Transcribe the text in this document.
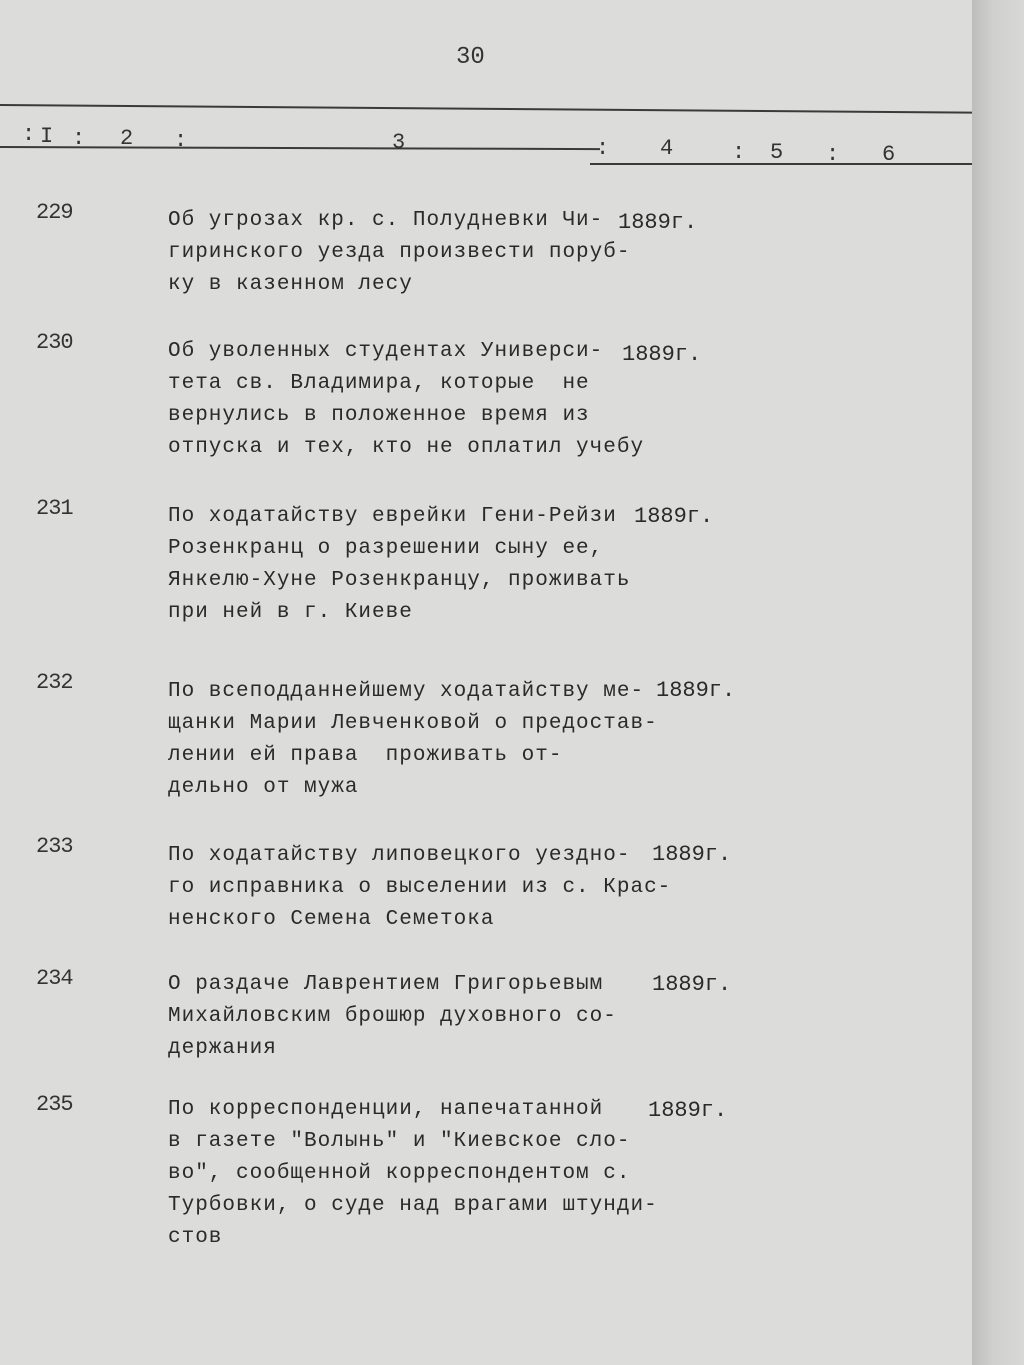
30
: I : 2 :	3	: 4	: 5 : 6
229	Об угрозах кр. с. Полудневки Чи-
гиринского уезда произвести поруб-
ку в казенном лесу
1889г.
230	Об уволенных студентах Универси-
тета св. Владимира, которые  не
вернулись в положенное время из
отпуска и тех, кто не оплатил учебу
1889г.
231	По ходатайству еврейки Гени-Рейзи
Розенкранц о разрешении сыну ее,
Янкелю-Хуне Розенкранцу, проживать
при ней в г. Киеве
1889г.
232	По всеподданнейшему ходатайству ме-
щанки Марии Левченковой о предостав-
лении ей права  проживать от-
дельно от мужа
1889г.
233	По ходатайству липовецкого уездно-
го исправника о выселении из с. Крас-
ненского Семена Семетока
1889г.
234	О раздаче Лаврентием Григорьевым
Михайловским брошюр духовного со-
держания
1889г.
235	По корреспонденции, напечатанной
в газете "Волынь" и "Киевское сло-
во", сообщенной корреспондентом с.
Турбовки, о суде над врагами штунди-
стов
1889г.
